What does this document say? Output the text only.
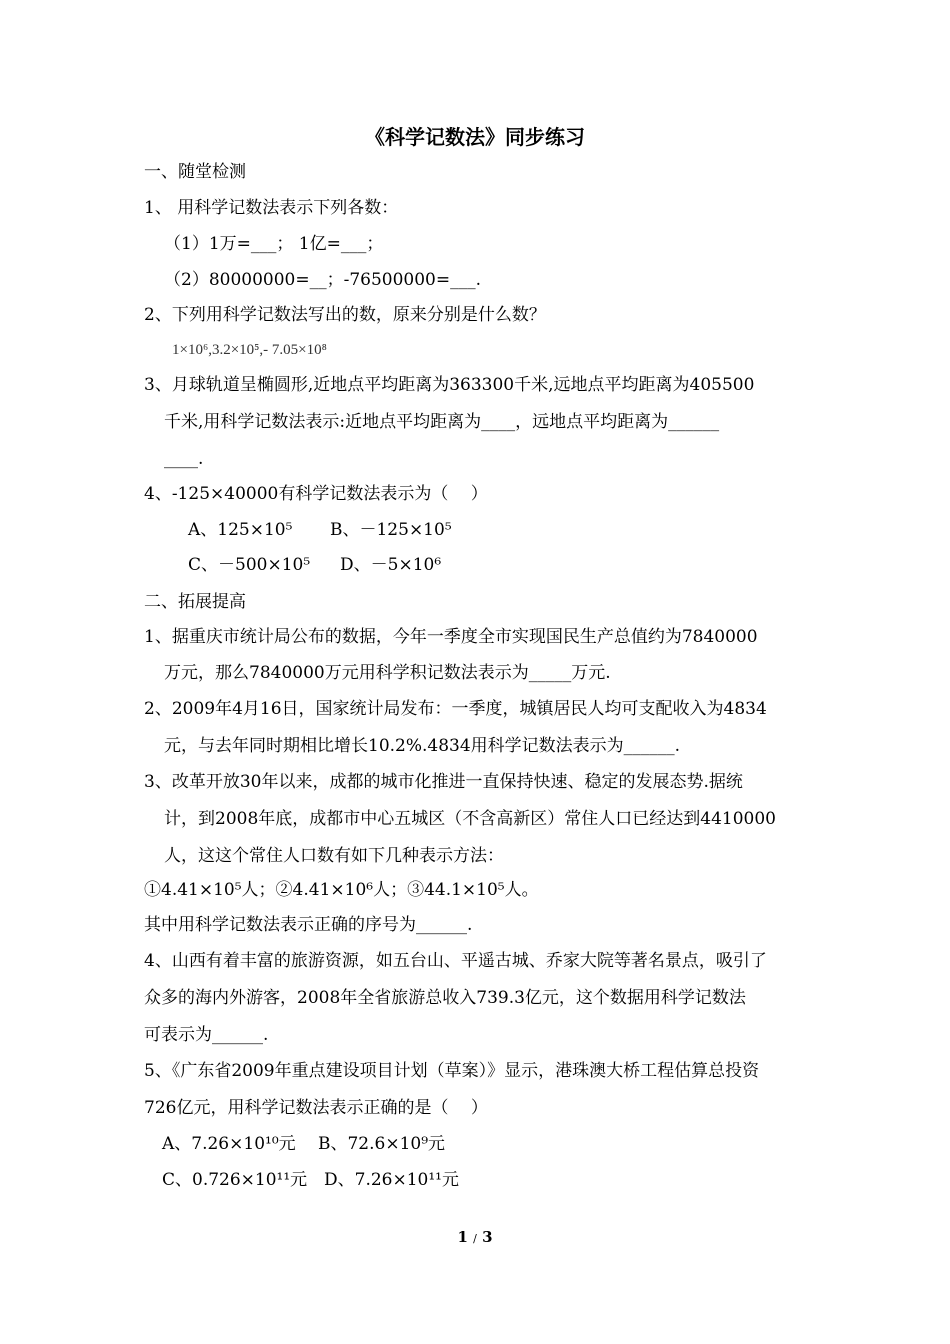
《科学记数法》同步练习
一、随堂检测
1、 用科学记数法表示下列各数：
（1）1万=___； 1亿=___；
（2）80000000=__；-76500000=___.
2、下列用科学记数法写出的数，原来分别是什么数？
1×10⁶,3.2×10⁵,- 7.05×10⁸
3、月球轨道呈椭圆形,近地点平均距离为363300千米,远地点平均距离为405500
千米,用科学记数法表示:近地点平均距离为____，远地点平均距离为______
____.
4、-125×40000有科学记数法表示为（　 ）
A、125×10⁵ B、－125×10⁵
C、－500×10⁵ D、－5×10⁶
二、拓展提高
1、据重庆市统计局公布的数据，今年一季度全市实现国民生产总值约为7840000
万元，那么7840000万元用科学积记数法表示为_____万元.
2、2009年4月16日，国家统计局发布：一季度，城镇居民人均可支配收入为4834
元，与去年同时期相比增长10.2%.4834用科学记数法表示为______.
3、改革开放30年以来，成都的城市化推进一直保持快速、稳定的发展态势.据统
计，到2008年底，成都市中心五城区（不含高新区）常住人口已经达到4410000
人，这这个常住人口数有如下几种表示方法：
①4.41×10⁵人；②4.41×10⁶人；③44.1×10⁵人。
其中用科学记数法表示正确的序号为______.
4、山西有着丰富的旅游资源，如五台山、平遥古城、乔家大院等著名景点，吸引了
众多的海内外游客，2008年全省旅游总收入739.3亿元，这个数据用科学记数法
可表示为______.
5、《广东省2009年重点建设项目计划（草案）》显示，港珠澳大桥工程估算总投资
726亿元，用科学记数法表示正确的是（　 ）
A、7.26×10¹⁰元 B、72.6×10⁹元
C、0.726×10¹¹元 D、7.26×10¹¹元
1 / 3
